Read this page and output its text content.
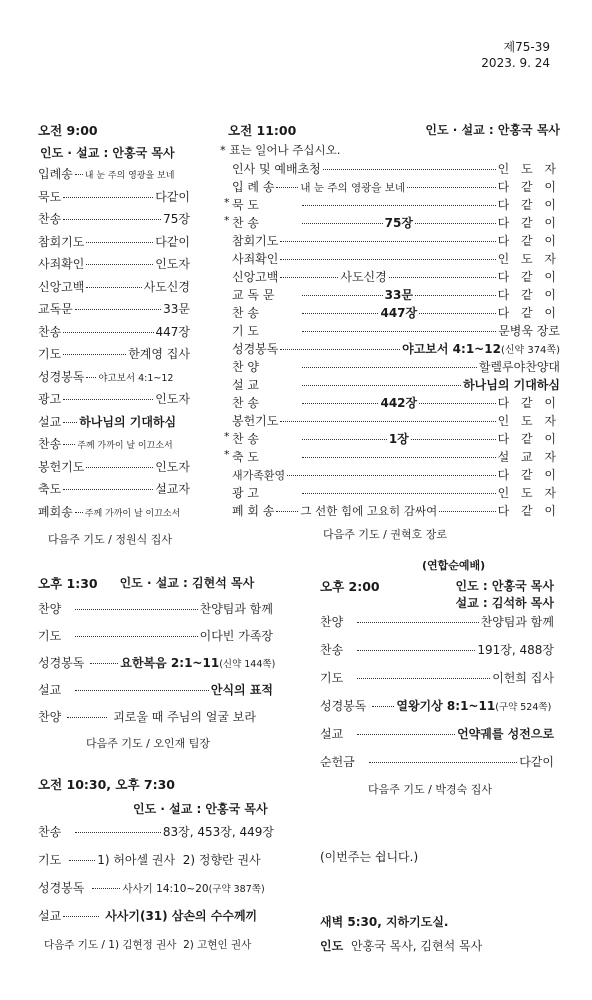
제75-39
2023. 9. 24
오전 9:00
인도 · 설교 : 안홍국 목사
입례송 내 눈 주의 영광을 보네
묵도	다같이
찬송	75장
참회기도	다같이
사죄확인	인도자
신앙고백	사도신경
교독문	33문
찬송	447장
기도	한계영 집사
성경봉독 야고보서 4:1~12
광고	인도자
설교 하나님의 기대하심
찬송 주께 가까이 날 이끄소서
봉헌기도	인도자
축도	설교자
폐회송 주께 가까이 날 이끄소서
다음주 기도 / 정원식 집사
오전 11:00	인도 · 설교 : 안홍국 목사
* 표는 일어나 주십시오.
인사 및 예배초청	인 도 자
입 례 송 내 눈 주의 영광을 보네	다 같 이
* 묵 도	다 같 이
* 찬 송	75장	다 같 이
참회기도	다 같 이
사죄확인	인 도 자
신앙고백	사도신경	다 같 이
교 독 문	33문	다 같 이
찬 송	447장	다 같 이
기 도	문병욱 장로
성경봉독	야고보서 4:1~12 (신약 374쪽)
찬 양	할렐루야찬양대
설 교	하나님의 기대하심
찬 송	442장	다 같 이
봉헌기도	인 도 자
* 찬 송	1장	다 같 이
* 축 도	설 교 자
새가족환영	다 같 이
광 고	인 도 자
폐 회 송 그 선한 힘에 고요히 감싸여	다 같 이
다음주 기도 / 권혁호 장로
오후 1:30 인도 · 설교 : 김현석 목사
찬양	찬양팀과 함께
기도	이다빈 가족장
성경봉독	요한복음 2:1~11 (신약 144쪽)
설교	안식의 표적
찬양	괴로울 때 주님의 얼굴 보라
다음주 기도 / 오인재 팀장
(연합순예배)
오후 2:00	인도 : 안홍국 목사
설교 : 김석하 목사
찬양	찬양팀과 함께
찬송	191장, 488장
기도	이헌희 집사
성경봉독	열왕기상 8:1~11 (구약 524쪽)
설교	언약궤를 성전으로
순헌금	다같이
다음주 기도 / 박경숙 집사
오전 10:30, 오후 7:30
인도 · 설교 : 안홍국 목사
찬송	83장, 453장, 449장
기도	1) 허아셀 권사  2) 정향란 권사
성경봉독	사사기 14:10~20 (구약 387쪽)
설교	사사기(31) 삼손의 수수께끼
다음주 기도 / 1) 김현정 권사  2) 고현인 권사
(이번주는 쉽니다.)
새벽 5:30, 지하기도실.
인도 안홍국 목사, 김현석 목사
